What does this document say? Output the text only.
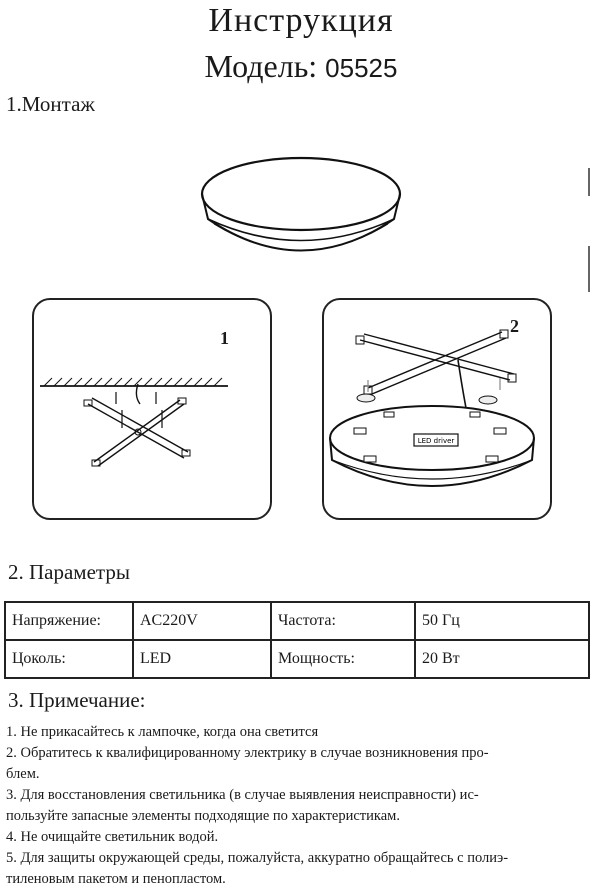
Инструкция
Модель: 05525
1.Монтаж
1
2
LED driver
2. Параметры
Напряжение:	AC220V	Частота:	50 Гц
Цоколь:	LED	Мощность:	20 Вт
3. Примечание:
1. Не прикасайтесь к лампочке, когда она светится
2. Обратитесь к квалифицированному электрику в случае возникновения про-
блем.
3. Для восстановления светильника (в случае выявления неисправности) ис-
пользуйте запасные элементы подходящие по характеристикам.
4. Не очищайте светильник водой.
5. Для защиты окружающей среды, пожалуйста, аккуратно обращайтесь с полиэ-
тиленовым пакетом и пенопластом.
